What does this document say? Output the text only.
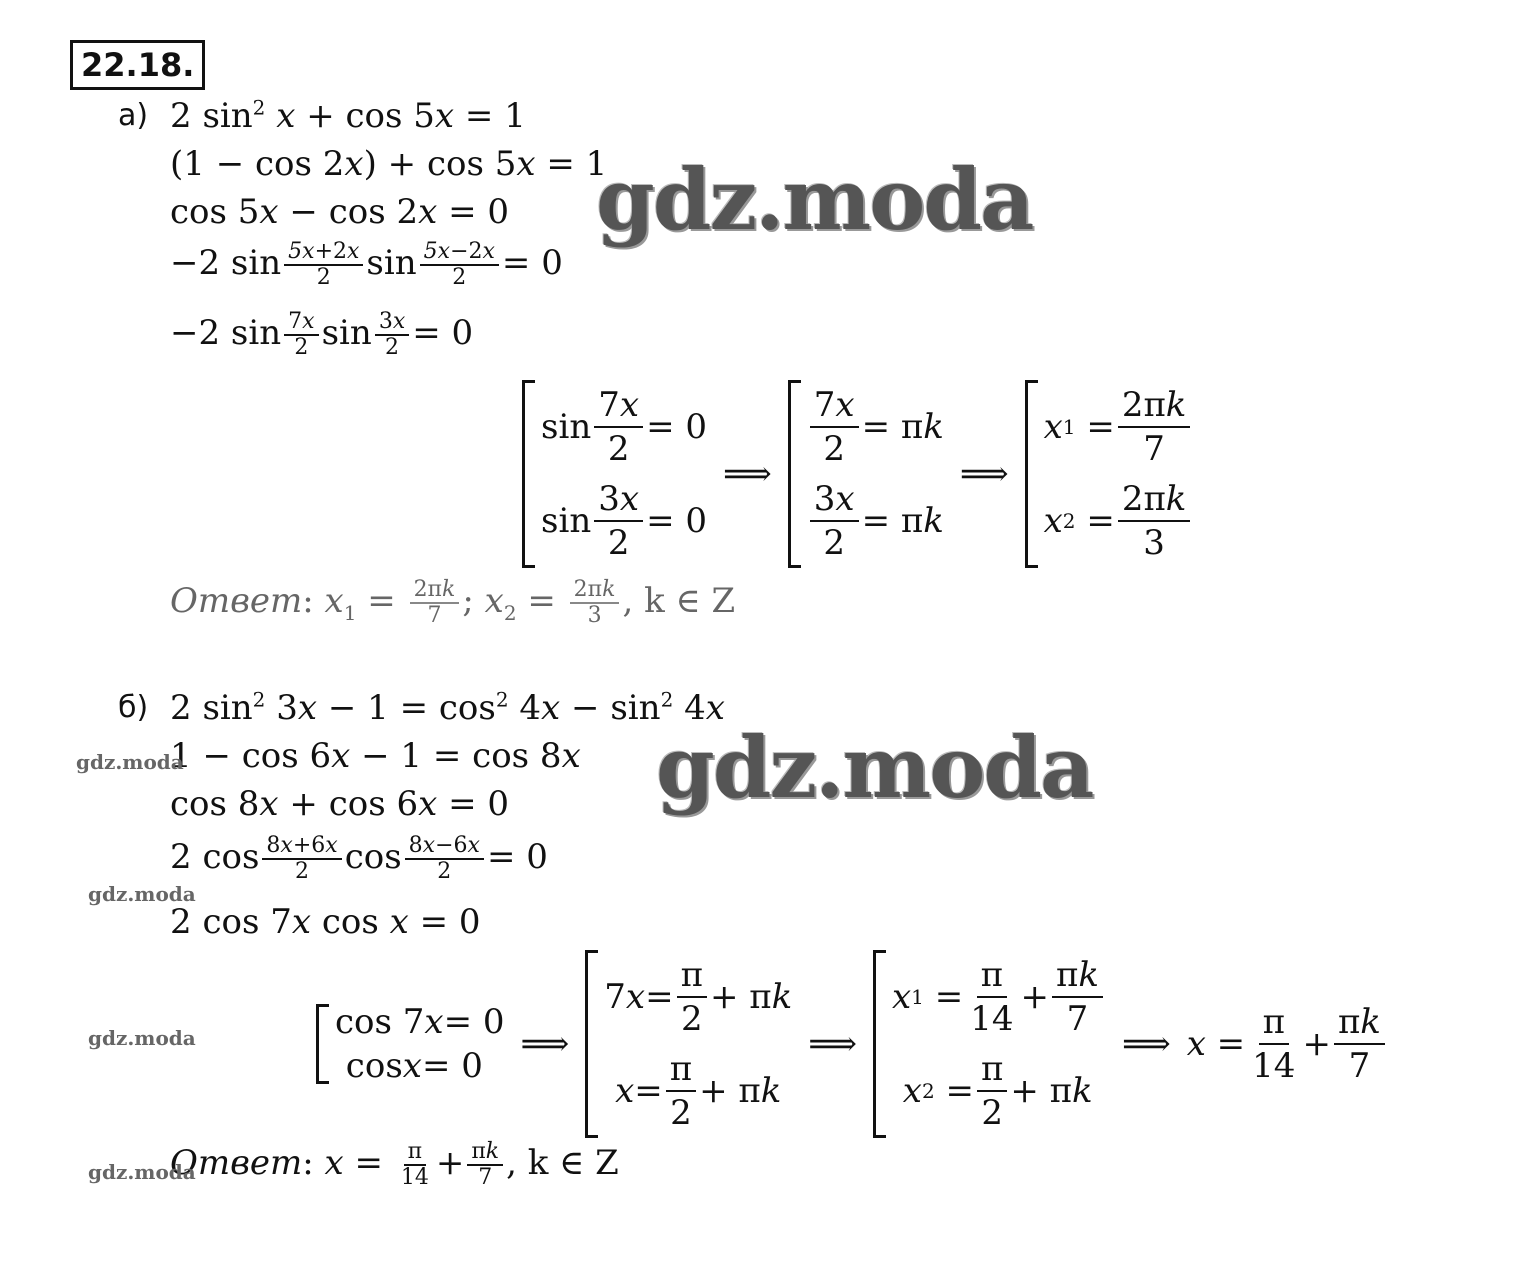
22.18.
а) 2 $\sin^2 x + \cos 5x = 1$
(1 − cos 2x) + cos 5x = 1
cos 5x − cos 2x = 0
−2 $\sin \frac{5x+2x}{2}$ $\sin \frac{5x-2x}{2} = 0$
−2 $\sin \frac{7x}{2}$ $\sin \frac{3x}{2} = 0$
sin
7x
2
= 0
sin
3x
2
= 0
⟹
7x
2
= π k
3x
2
= π k
⟹
x 1 =
2πk
7
x 2 =
2πk
3
Ответ: $x_1 = \frac{2\pi k}{7}$ ; $x_2 = \frac{2\pi k}{3}$ , k ∈ Z
б) 2 $\sin^2 3x - 1 = \cos^2 4x - \sin^2 4x$
1 − cos 6x − 1 = cos 8x
cos 8x + cos 6x = 0
2 $\cos \frac{8x+6x}{2}$ $\cos \frac{8x-6x}{2} = 0$
2 cos 7x cos x = 0
cos 7 x = 0
cos x = 0
⟹
7 x =
π
2
+ π k

x =
π
2
+ π k
⟹
x 1 =
π
14
+
πk
7

x 2 =
π
2
+ π k
⟹ x =
π
14
+
πk
7
Ответ: $x = \frac{\pi}{14} + \frac{\pi k}{7}$ , k ∈ Z
gdz.moda
gdz.moda
gdz.moda
gdz.moda
gdz.moda
gdz.moda
